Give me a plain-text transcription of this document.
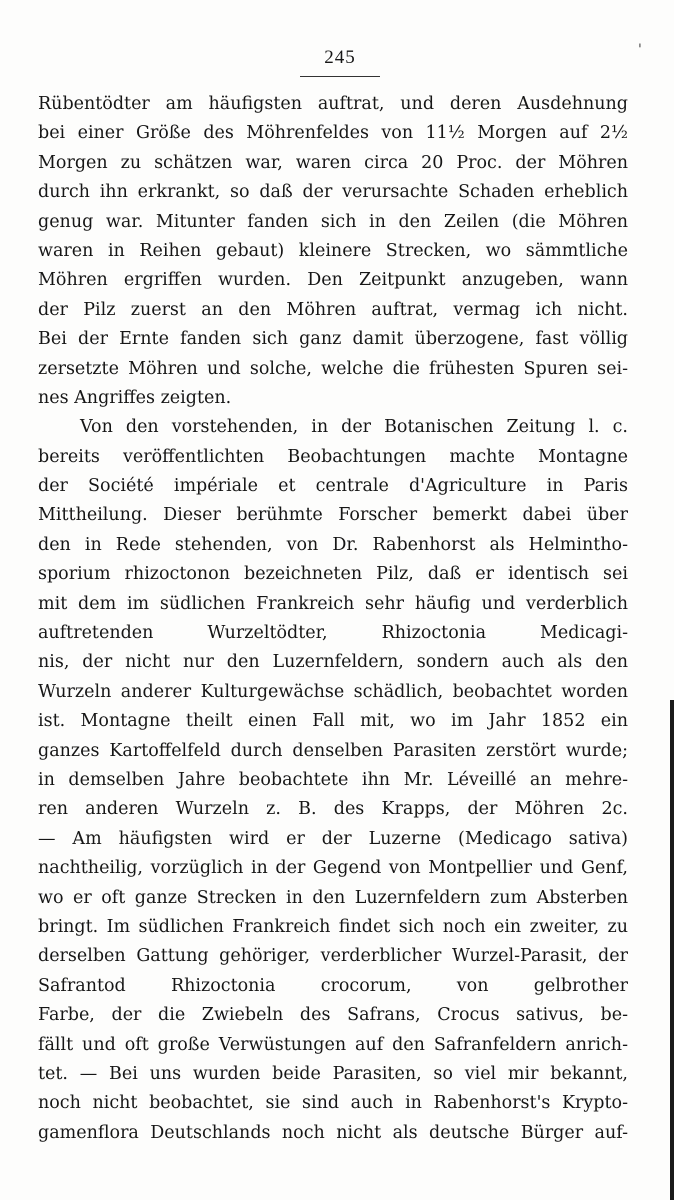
'
245
Rübentödter am häufigsten auftrat, und deren Ausdehnung
bei einer Größe des Möhrenfeldes von 11½ Morgen auf 2½
Morgen zu schätzen war, waren circa 20 Proc. der Möhren
durch ihn erkrankt, so daß der verursachte Schaden erheblich
genug war. Mitunter fanden sich in den Zeilen (die Möhren
waren in Reihen gebaut) kleinere Strecken, wo sämmtliche
Möhren ergriffen wurden. Den Zeitpunkt anzugeben, wann
der Pilz zuerst an den Möhren auftrat, vermag ich nicht.
Bei der Ernte fanden sich ganz damit überzogene, fast völlig
zersetzte Möhren und solche, welche die frühesten Spuren sei-
nes Angriffes zeigten.
Von den vorstehenden, in der Botanischen Zeitung l. c.
bereits veröffentlichten Beobachtungen machte Montagne
der Société impériale et centrale d'Agriculture in Paris
Mittheilung. Dieser berühmte Forscher bemerkt dabei über
den in Rede stehenden, von Dr. Rabenhorst als Helmintho-
sporium rhizoctonon bezeichneten Pilz, daß er identisch sei
mit dem im südlichen Frankreich sehr häufig und verderblich
auftretenden Wurzeltödter, Rhizoctonia Medicagi-
nis, der nicht nur den Luzernfeldern, sondern auch als den
Wurzeln anderer Kulturgewächse schädlich, beobachtet worden
ist. Montagne theilt einen Fall mit, wo im Jahr 1852 ein
ganzes Kartoffelfeld durch denselben Parasiten zerstört wurde;
in demselben Jahre beobachtete ihn Mr. Léveillé an mehre-
ren anderen Wurzeln z. B. des Krapps, der Möhren 2c.
— Am häufigsten wird er der Luzerne (Medicago sativa)
nachtheilig, vorzüglich in der Gegend von Montpellier und Genf,
wo er oft ganze Strecken in den Luzernfeldern zum Absterben
bringt. Im südlichen Frankreich findet sich noch ein zweiter, zu
derselben Gattung gehöriger, verderblicher Wurzel-Parasit, der
Safrantod Rhizoctonia crocorum, von gelbrother
Farbe, der die Zwiebeln des Safrans, Crocus sativus, be-
fällt und oft große Verwüstungen auf den Safranfeldern anrich-
tet. — Bei uns wurden beide Parasiten, so viel mir bekannt,
noch nicht beobachtet, sie sind auch in Rabenhorst's Krypto-
gamenflora Deutschlands noch nicht als deutsche Bürger auf-
